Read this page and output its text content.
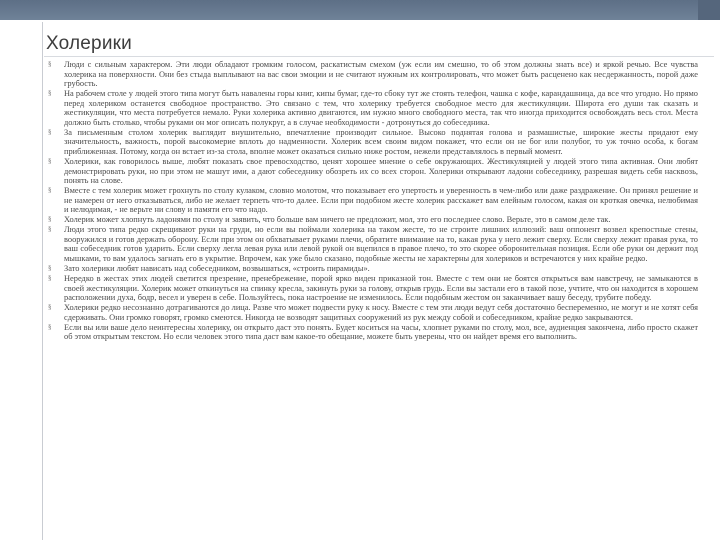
Холерики
§ Люди с сильным характером. Эти люди обладают громким голосом, раскатистым смехом (уж если им смешно, то об этом должны знать все) и яркой речью. Все чувства холерика на поверхности. Они без стыда выплывают на вас свои эмоции и не считают нужным их контролировать, что может быть расценено как несдержанность, порой даже грубость.
§ На рабочем столе у людей этого типа могут быть навалены горы книг, кипы бумаг, где-то сбоку тут же стоять телефон, чашка с кофе, карандашница, да все что угодно. Но прямо перед холериком останется свободное пространство. Это связано с тем, что холерику требуется свободное место для жестикуляции. Широта его души так сказать и жестикуляции, что места потребуется немало. Руки холерика активно двигаются, им нужно много свободного места, так что иногда приходится освобождать весь стол. Места должно быть столько, чтобы руками он мог описать полукруг, а в случае необходимости - дотронуться до собеседника.
§ За письменным столом холерик выглядит внушительно, впечатление производит сильное. Высоко поднятая голова и размашистые, широкие жесты придают ему значительность, важность, порой высокомерие вплоть до надменности. Холерик всем своим видом покажет, что если он не бог или полубог, то уж точно особа, к богам приближенная. Потому, когда он встает из-за стола, вполне может оказаться сильно ниже ростом, нежели представлялось в первый момент.
§ Холерики, как говорилось выше, любят показать свое превосходство, ценят хорошее мнение о себе окружающих. Жестикуляцией у людей этого типа активная. Они любят демонстрировать руки, но при этом не машут ими, а дают собеседнику обозреть их со всех сторон. Холерики открывают ладони собеседнику, разрешая видеть себя насквозь, понять на слове.
§ Вместе с тем холерик может грохнуть по столу кулаком, словно молотом, что показывает его упертость и уверенность в чем-либо или даже раздражение. Он принял решение и не намерен от него отказываться, либо не желает терпеть что-то далее. Если при подобном жесте холерик расскажет вам елейным голосом, какая он кроткая овечка, нелюбимая и нелюдимая, - не верьте ни слову и памяти его что надо.
§ Холерик может хлопнуть ладонями по столу и заявить, что больше вам ничего не предложит, мол, это его последнее слово. Верьте, это в самом деле так.
§ Люди этого типа редко скрещивают руки на груди, но если вы поймали холерика на таком жесте, то не строите лишних иллюзий: ваш оппонент возвел крепостные стены, вооружился и готов держать оборону. Если при этом он обхватывает руками плечи, обратите внимание на то, какая рука у него лежит сверху. Если сверху лежит правая рука, то ваш собеседник готов ударить. Если сверху легла левая рука или левой рукой он вцепился в правое плечо, то это скорее оборонительная позиция. Если обе руки он держит под мышками, то вам удалось загнать его в укрытие. Впрочем, как уже было сказано, подобные жесты не характерны для холериков и встречаются у них крайне редко.
§ Зато холерики любят нависать над собеседником, возвышаться, «строить пирамиды».
§ Нередко в жестах этих людей светится презрение, пренебрежение, порой ярко виден приказной тон. Вместе с тем они не боятся открыться вам навстречу, не замыкаются в своей жестикуляции. Холерик может откинуться на спинку кресла, закинуть руки за голову, открыв грудь. Если вы застали его в такой позе, учтите, что он находится в хорошем расположении духа, бодр, весел и уверен в себе. Пользуйтесь, пока настроение не изменилось. Если подобным жестом он заканчивает вашу беседу, трубите победу.
§ Холерики редко несознанно дотрагиваются до лица. Разве что может подвести руку к носу. Вместе с тем эти люди ведут себя достаточно беспеременно, не могут и не хотят себя сдерживать. Они громко говорят, громко смеются. Никогда не возводят защитных сооружений из рук между собой и собеседником, крайне редко закрываются.
§ Если вы или ваше дело неинтересны холерику, он открыто даст это понять. Будет коситься на часы, хлопнет руками по столу, мол, все, аудиенция закончена, либо просто скажет об этом открытым текстом. Но если человек этого типа даст вам какое-то обещание, можете быть уверены, что он найдет время его выполнить.
